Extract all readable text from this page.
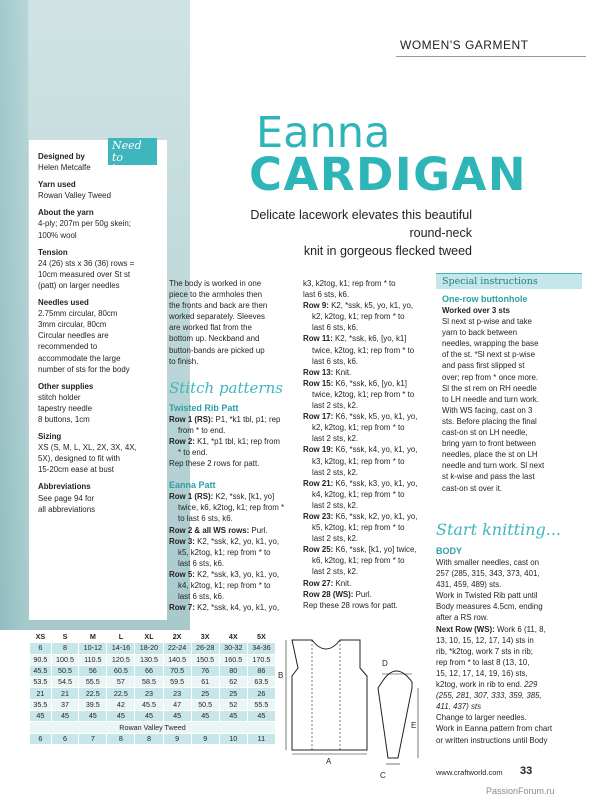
WOMEN'S GARMENT
Eanna
CARDIGAN
Delicate lacework elevates this beautiful round-neck
knit in gorgeous flecked tweed
Need to know...
Designed by

Helen Metcalfe

Yarn used

Rowan Valley Tweed

About the yarn

4-ply; 207m per 50g skein;
100% wool

Tension

24 (26) sts x 36 (36) rows =
10cm measured over St st
(patt) on larger needles

Needles used

2.75mm circular, 80cm
3mm circular, 80cm
Circular needles are
recommended to
accommodate the large
number of sts for the body

Other supplies

stitch holder
tapestry needle
8 buttons, 1cm

Sizing

XS (S, M, L, XL, 2X, 3X, 4X,
5X), designed to fit with
15-20cm ease at bust

Abbreviations

See page 94 for
all abbreviations

The body is worked in one
piece to the armholes then
the fronts and back are then
worked separately. Sleeves
are worked flat from the
bottom up. Neckband and
button-bands are picked up
to finish.

Stitch patterns
Twisted Rib Patt

Row 1 (RS): P1, *k1 tbl, p1; rep
from * to end.

Row 2: K1, *p1 tbl, k1; rep from
* to end.

Rep these 2 rows for patt.

Eanna Patt

Row 1 (RS): K2, *ssk, [k1, yo]
twice, k6, k2tog, k1; rep from *
to last 6 sts, k6.

Row 2 & all WS rows: Purl.

Row 3: K2, *ssk, k2, yo, k1, yo,
k5, k2tog, k1; rep from * to
last 6 sts, k6.

Row 5: K2, *ssk, k3, yo, k1, yo,
k4, k2tog, k1; rep from * to
last 6 sts, k6.

Row 7: K2, *ssk, k4, yo, k1, yo,

k3, k2tog, k1; rep from * to
last 6 sts, k6.

Row 9: K2, *ssk, k5, yo, k1, yo,
k2, k2tog, k1; rep from * to
last 6 sts, k6.

Row 11: K2, *ssk, k6, [yo, k1]
twice, k2tog, k1; rep from * to
last 6 sts, k6.

Row 13: Knit.

Row 15: K6, *ssk, k6, [yo, k1]
twice, k2tog, k1; rep from * to
last 2 sts, k2.

Row 17: K6, *ssk, k5, yo, k1, yo,
k2, k2tog, k1; rep from * to
last 2 sts, k2.

Row 19: K6, *ssk, k4, yo, k1, yo,
k3, k2tog, k1; rep from * to
last 2 sts, k2.

Row 21: K6, *ssk, k3, yo, k1, yo,
k4, k2tog, k1; rep from * to
last 2 sts, k2.

Row 23: K6, *ssk, k2, yo, k1, yo,
k5, k2tog, k1; rep from * to
last 2 sts, k2.

Row 25: K6, *ssk, [k1, yo] twice,
k6, k2tog, k1; rep from * to
last 2 sts, k2.

Row 27: Knit.

Row 28 (WS): Purl.

Rep these 28 rows for patt.

Special instructions
One-row buttonhole

Worked over 3 sts

Sl next st p-wise and take
yarn to back between
needles, wrapping the base
of the st. *Sl next st p-wise
and pass first slipped st
over; rep from * once more.
Sl the st rem on RH needle
to LH needle and turn work.
With WS facing, cast on 3
sts. Before placing the final
cast-on st on LH needle,
bring yarn to front between
needles, place the st on LH
needle and turn work. Sl next
st k-wise and pass the last
cast-on st over it.

Start knitting...
BODY

With smaller needles, cast on
257 (285, 315, 343, 373, 401,
431, 459, 489) sts.
Work in Twisted Rib patt until
Body measures 4.5cm, ending
after a RS row.

Next Row (WS): Work 6 (11, 8,
13, 10, 15, 12, 17, 14) sts in
rib, *k2tog, work 7 sts in rib;
rep from * to last 8 (13, 10,
15, 12, 17, 14, 19, 16) sts,
k2tog, work in rib to end. 229
(255, 281, 307, 333, 359, 385,
411, 437) sts

Change to larger needles.
Work in Eanna pattern from chart
or written instructions until Body

XS	S	M	L	XL	2X	3X	4X	5X
6	8	10-12	14-16	18-20	22-24	26-28	30-32	34-36
90.5	100.5	110.5	120.5	130.5	140.5	150.5	160.5	170.5
45.5	50.5	56	60.5	66	70.5	76	80	86
53.5	54.5	55.5	57	58.5	59.5	61	62	63.5
21	21	22.5	22.5	23	23	25	25	26
35.5	37	39.5	42	45.5	47	50.5	52	55.5
45	45	45	45	45	45	45	45	45
Rowan Valley Tweed								
6	6	7	8	8	9	9	10	11
A
B
D
E
C	www.craftworld.com 33
PassionForum.ru
